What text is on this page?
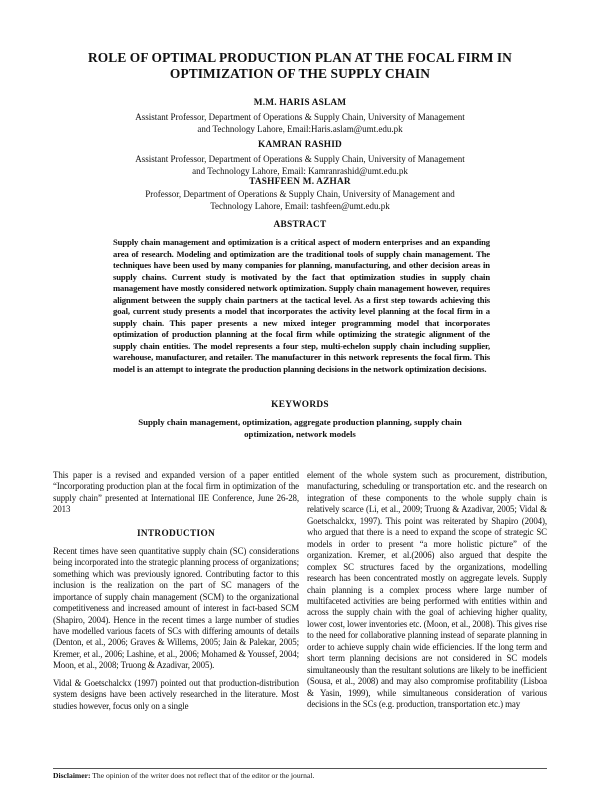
ROLE OF OPTIMAL PRODUCTION PLAN AT THE FOCAL FIRM IN
OPTIMIZATION OF THE SUPPLY CHAIN
M.M. HARIS ASLAM
Assistant Professor, Department of Operations & Supply Chain, University of Management
and Technology Lahore, Email:Haris.aslam@umt.edu.pk
KAMRAN RASHID
Assistant Professor, Department of Operations & Supply Chain, University of Management
and Technology Lahore, Email: Kamranrashid@umt.edu.pk
TASHFEEN M. AZHAR
Professor, Department of Operations & Supply Chain, University of Management and
Technology Lahore, Email: tashfeen@umt.edu.pk
ABSTRACT
Supply chain management and optimization is a critical aspect of modern enterprises and an expanding area of research. Modeling and optimization are the traditional tools of supply chain management. The techniques have been used by many companies for planning, manufacturing, and other decision areas in supply chains. Current study is motivated by the fact that optimization studies in supply chain management have mostly considered network optimization. Supply chain management however, requires alignment between the supply chain partners at the tactical level. As a first step towards achieving this goal, current study presents a model that incorporates the activity level planning at the focal firm in a supply chain. This paper presents a new mixed integer programming model that incorporates optimization of production planning at the focal firm while optimizing the strategic alignment of the supply chain entities. The model represents a four step, multi-echelon supply chain including supplier, warehouse, manufacturer, and retailer. The manufacturer in this network represents the focal firm. This model is an attempt to integrate the production planning decisions in the network optimization decisions.
KEYWORDS
Supply chain management, optimization, aggregate production planning, supply chain optimization, network models

This paper is a revised and expanded version of a paper entitled “Incorporating production plan at the focal firm in optimization of the supply chain” presented at International IIE Conference, June 26-28, 2013

INTRODUCTION

Recent times have seen quantitative supply chain (SC) considerations being incorporated into the strategic planning process of organizations; something which was previously ignored. Contributing factor to this inclusion is the realization on the part of SC managers of the importance of supply chain management (SCM) to the organizational competitiveness and increased amount of interest in fact-based SCM (Shapiro, 2004). Hence in the recent times a large number of studies have modelled various facets of SCs with differing amounts of details (Denton, et al., 2006; Graves & Willems, 2005; Jain & Palekar, 2005; Kremer, et al., 2006; Lashine, et al., 2006; Mohamed & Youssef, 2004; Moon, et al., 2008; Truong & Azadivar, 2005).

Vidal & Goetschalckx (1997) pointed out that production-distribution system designs have been actively researched in the literature. Most studies however, focus only on a single

element of the whole system such as procurement, distribution, manufacturing, scheduling or transportation etc. and the research on integration of these components to the whole supply chain is relatively scarce (Li, et al., 2009; Truong & Azadivar, 2005; Vidal & Goetschalckx, 1997). This point was reiterated by Shapiro (2004), who argued that there is a need to expand the scope of strategic SC models in order to present “a more holistic picture” of the organization. Kremer, et al.(2006) also argued that despite the complex SC structures faced by the organizations, modelling research has been concentrated mostly on aggregate levels. Supply chain planning is a complex process where large number of multifaceted activities are being performed with entities within and across the supply chain with the goal of achieving higher quality, lower cost, lower inventories etc. (Moon, et al., 2008). This gives rise to the need for collaborative planning instead of separate planning in order to achieve supply chain wide efficiencies. If the long term and short term planning decisions are not considered in SC models simultaneously than the resultant solutions are likely to be inefficient (Sousa, et al., 2008) and may also compromise profitability (Lisboa & Yasin, 1999), while simultaneous consideration of various decisions in the SCs (e.g. production, transportation etc.) may

Disclaimer: The opinion of the writer does not reflect that of the editor or the journal.
